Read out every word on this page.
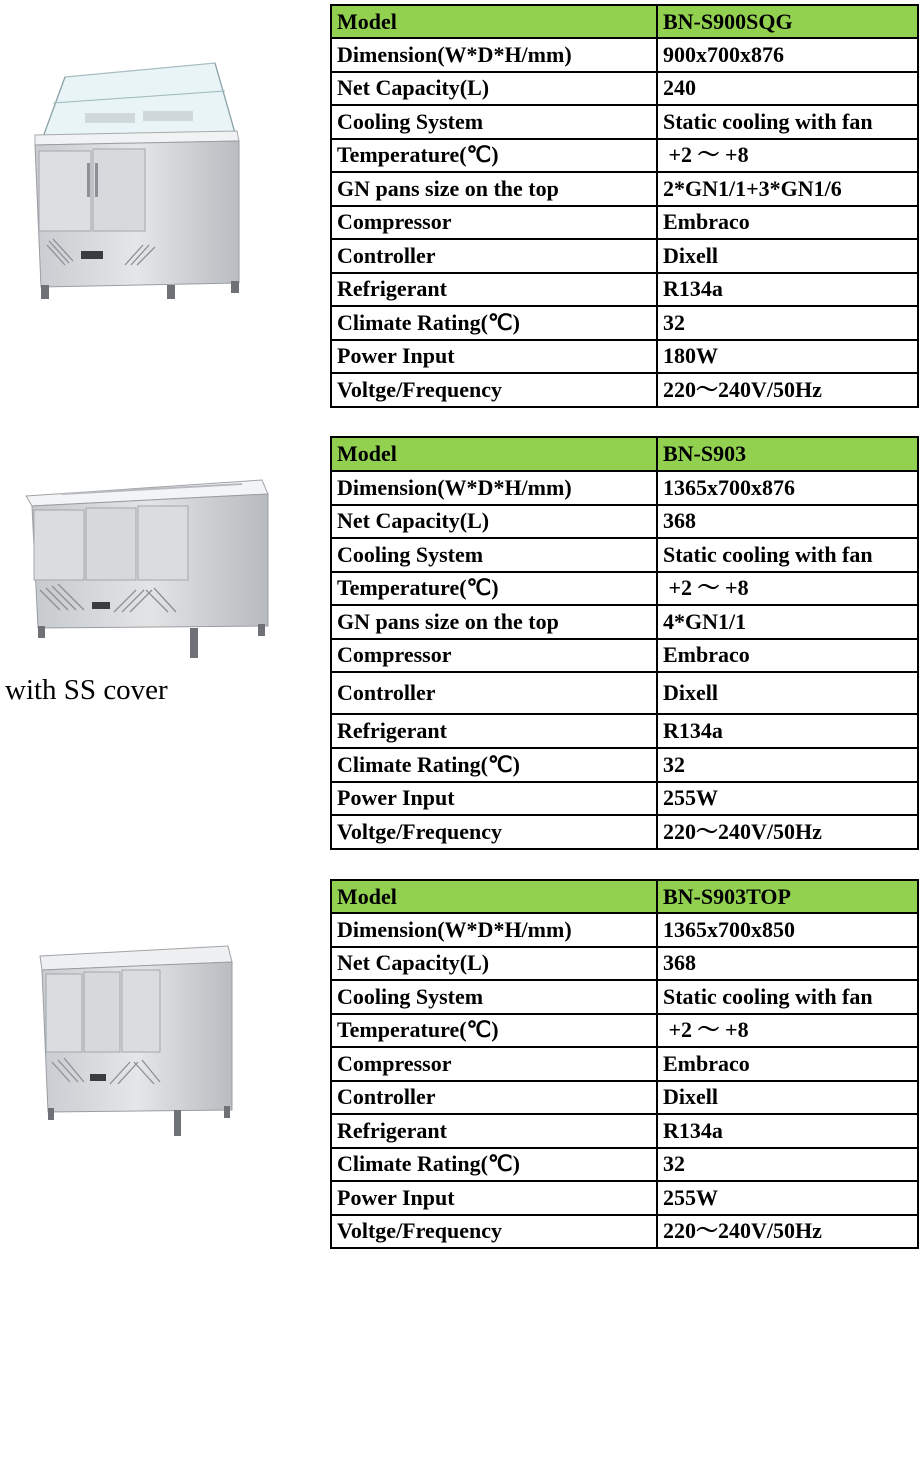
with SS cover
Model	BN-S900SQG
Dimension(W*D*H/mm)	900x700x876
Net Capacity(L)	240
Cooling System	Static cooling with fan
Temperature(℃)	+2 ～ +8
GN pans size on the top	2*GN1/1+3*GN1/6
Compressor	Embraco
Controller	Dixell
Refrigerant	R134a
Climate Rating(℃)	32
Power Input	180W
Voltge/Frequency	220～240V/50Hz
Model	BN-S903
Dimension(W*D*H/mm)	1365x700x876
Net Capacity(L)	368
Cooling System	Static cooling with fan
Temperature(℃)	+2 ～ +8
GN pans size on the top	4*GN1/1
Compressor	Embraco
Controller	Dixell
Refrigerant	R134a
Climate Rating(℃)	32
Power Input	255W
Voltge/Frequency	220～240V/50Hz
Model	BN-S903TOP
Dimension(W*D*H/mm)	1365x700x850
Net Capacity(L)	368
Cooling System	Static cooling with fan
Temperature(℃)	+2 ～ +8
Compressor	Embraco
Controller	Dixell
Refrigerant	R134a
Climate Rating(℃)	32
Power Input	255W
Voltge/Frequency	220～240V/50Hz
